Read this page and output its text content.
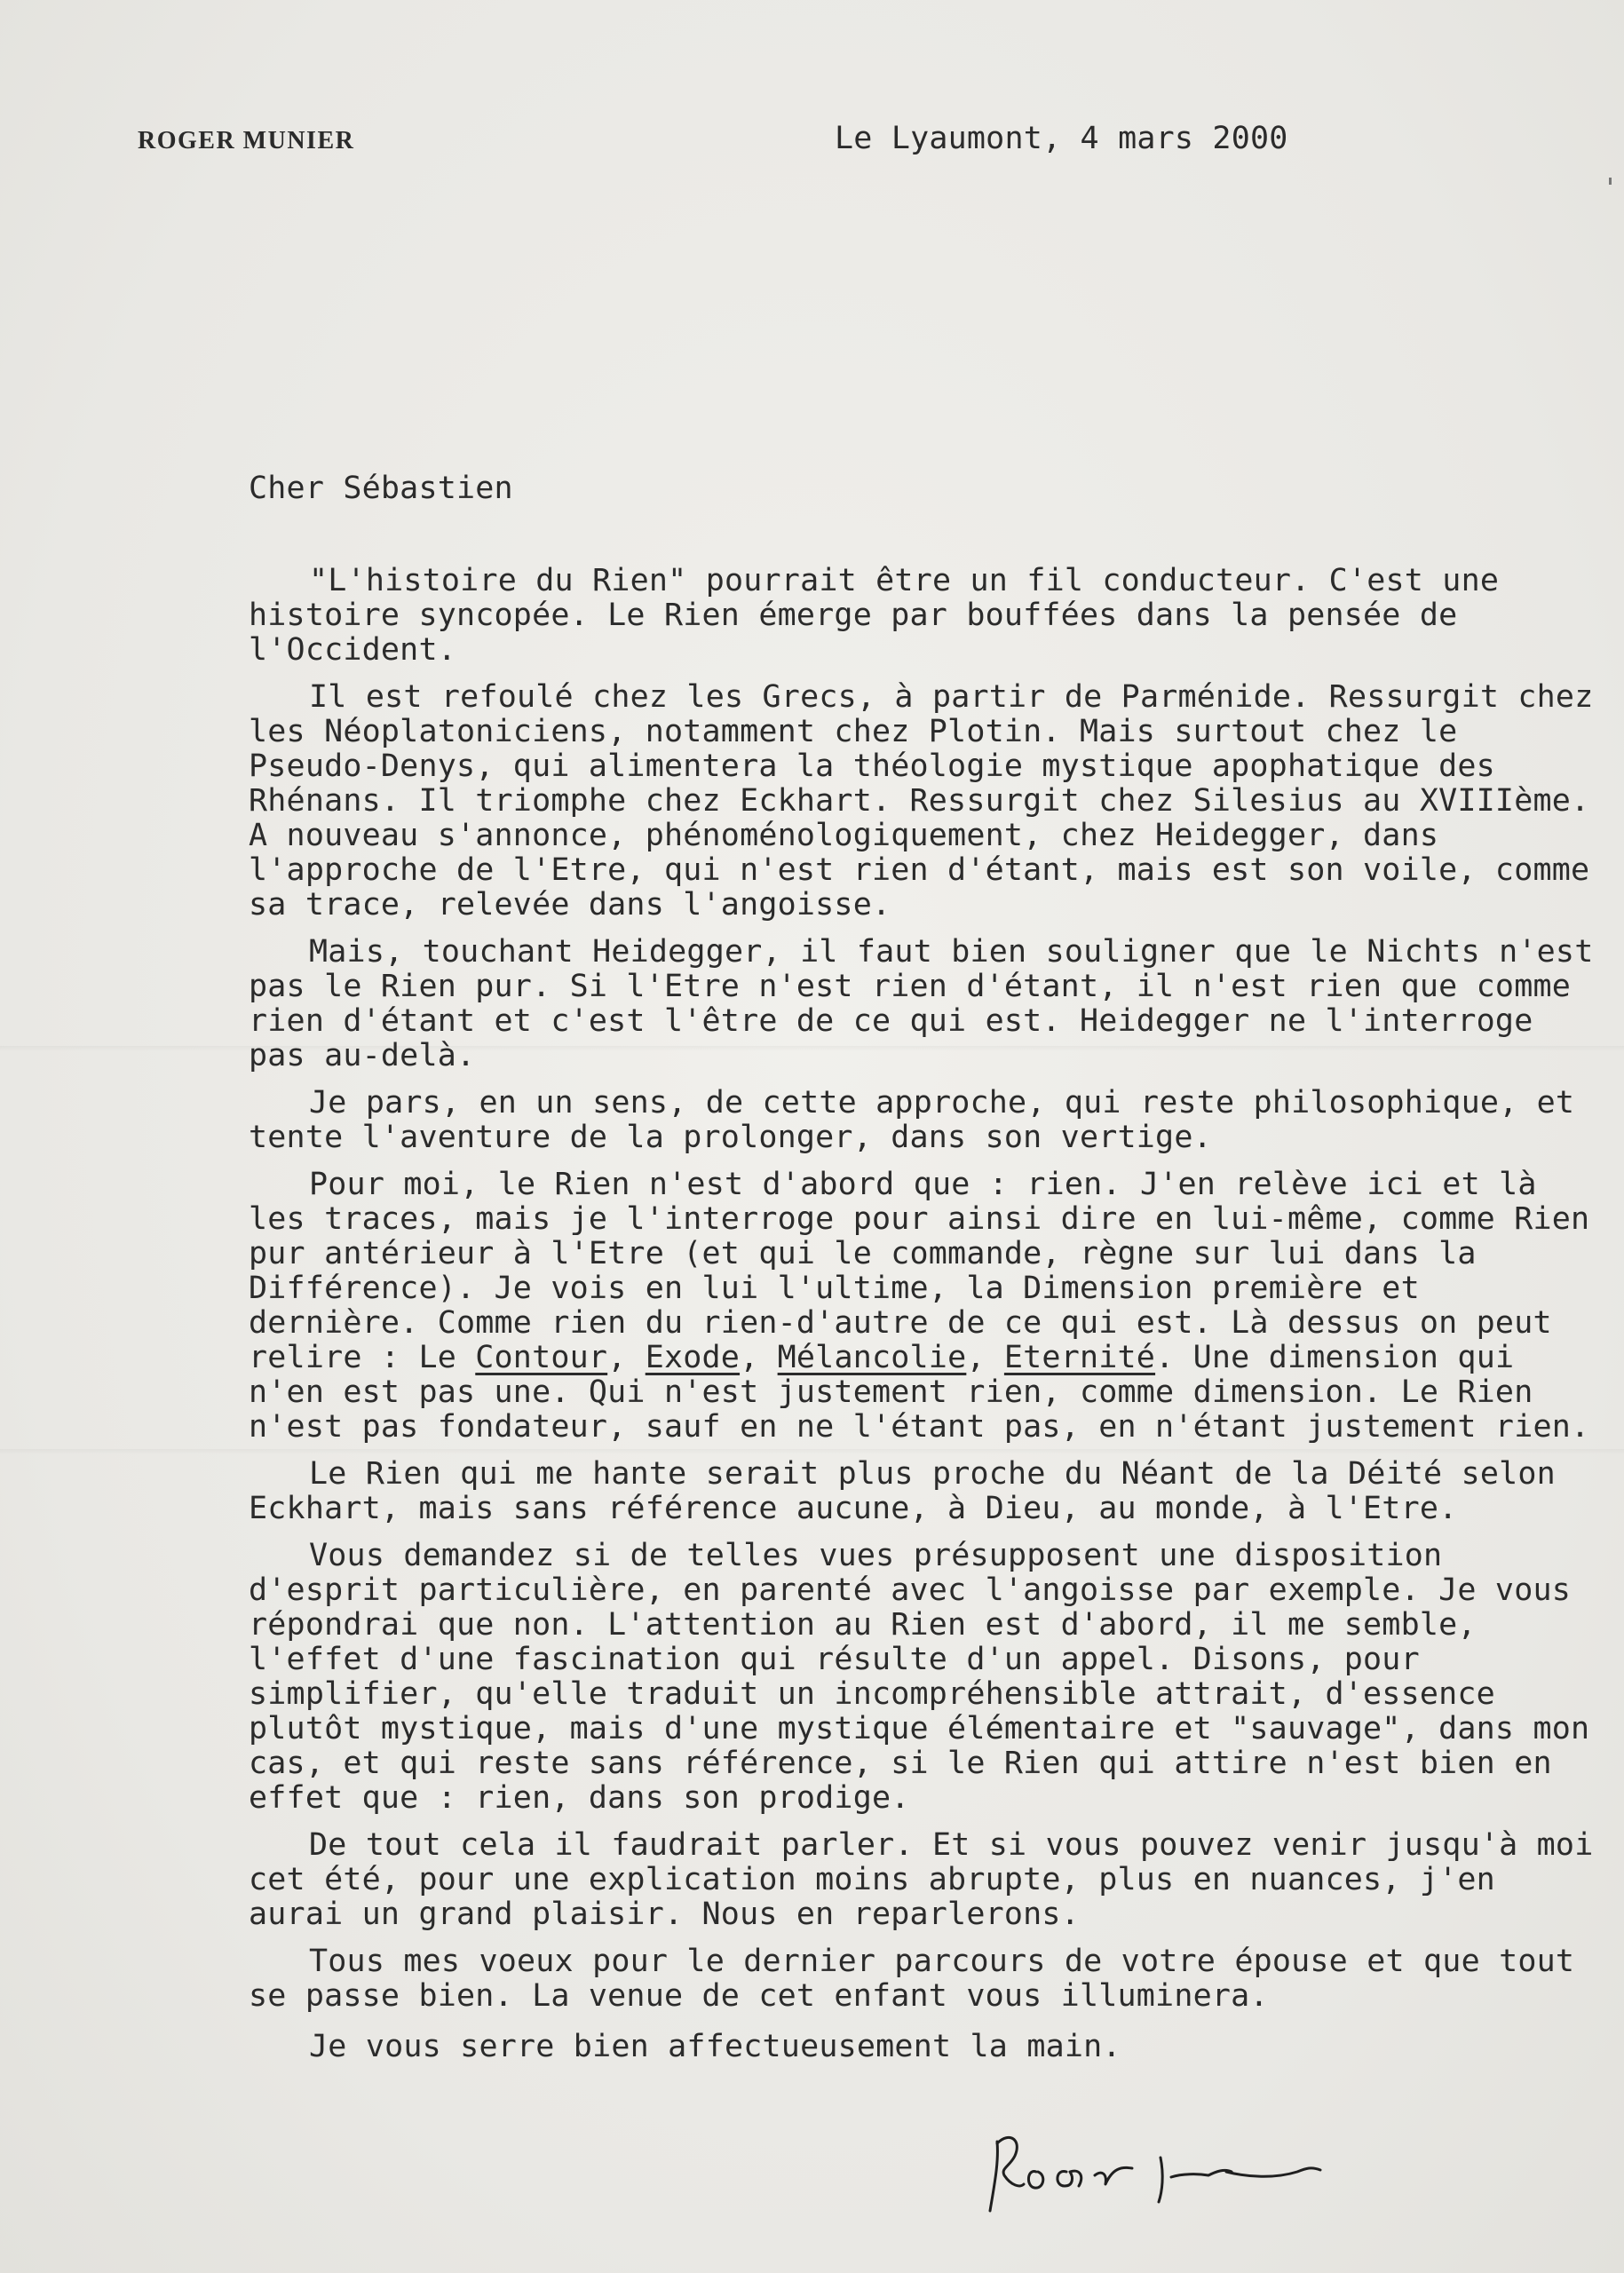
ROGER MUNIER	Le Lyaumont, 4 mars 2000
Cher Sébastien

"L'histoire du Rien" pourrait être un fil conducteur. C'est une histoire syncopée. Le Rien émerge par bouffées dans la pensée de l'Occident.

Il est refoulé chez les Grecs, à partir de Parménide. Ressurgit chez les Néoplatoniciens, notamment chez Plotin. Mais surtout chez le Pseudo-Denys, qui alimentera la théologie mystique apophatique des Rhénans. Il triomphe chez Eckhart. Ressurgit chez Silesius au XVIIIème. A nouveau s'annonce, phénoménologiquement, chez Heidegger, dans l'approche de l'Etre, qui n'est rien d'étant, mais est son voile, comme sa trace, relevée dans l'angoisse.

Mais, touchant Heidegger, il faut bien souligner que le Nichts n'est pas le Rien pur. Si l'Etre n'est rien d'étant, il n'est rien que comme rien d'étant et c'est l'être de ce qui est. Heidegger ne l'interroge pas au-delà.

Je pars, en un sens, de cette approche, qui reste philosophique, et tente l'aventure de la prolonger, dans son vertige.

Pour moi, le Rien n'est d'abord que : rien. J'en relève ici et là les traces, mais je l'interroge pour ainsi dire en lui-même, comme Rien pur antérieur à l'Etre (et qui le commande, règne sur lui dans la Différence). Je vois en lui l'ultime, la Dimension première et dernière. Comme rien du rien-d'autre de ce qui est. Là dessus on peut relire : Le Contour, Exode, Mélancolie, Eternité. Une dimension qui n'en est pas une. Qui n'est justement rien, comme dimension. Le Rien n'est pas fondateur, sauf en ne l'étant pas, en n'étant justement rien.

Le Rien qui me hante serait plus proche du Néant de la Déité selon Eckhart, mais sans référence aucune, à Dieu, au monde, à l'Etre.

Vous demandez si de telles vues présupposent une disposition d'esprit particulière, en parenté avec l'angoisse par exemple. Je vous répondrai que non. L'attention au Rien est d'abord, il me semble, l'effet d'une fascination qui résulte d'un appel. Disons, pour simplifier, qu'elle traduit un incompréhensible attrait, d'essence plutôt mystique, mais d'une mystique élémentaire et "sauvage", dans mon cas, et qui reste sans référence, si le Rien qui attire n'est bien en effet que : rien, dans son prodige.

De tout cela il faudrait parler. Et si vous pouvez venir jusqu'à moi cet été, pour une explication moins abrupte, plus en nuances, j'en aurai un grand plaisir. Nous en reparlerons.

Tous mes voeux pour le dernier parcours de votre épouse et que tout se passe bien. La venue de cet enfant vous illuminera.

Je vous serre bien affectueusement la main.
